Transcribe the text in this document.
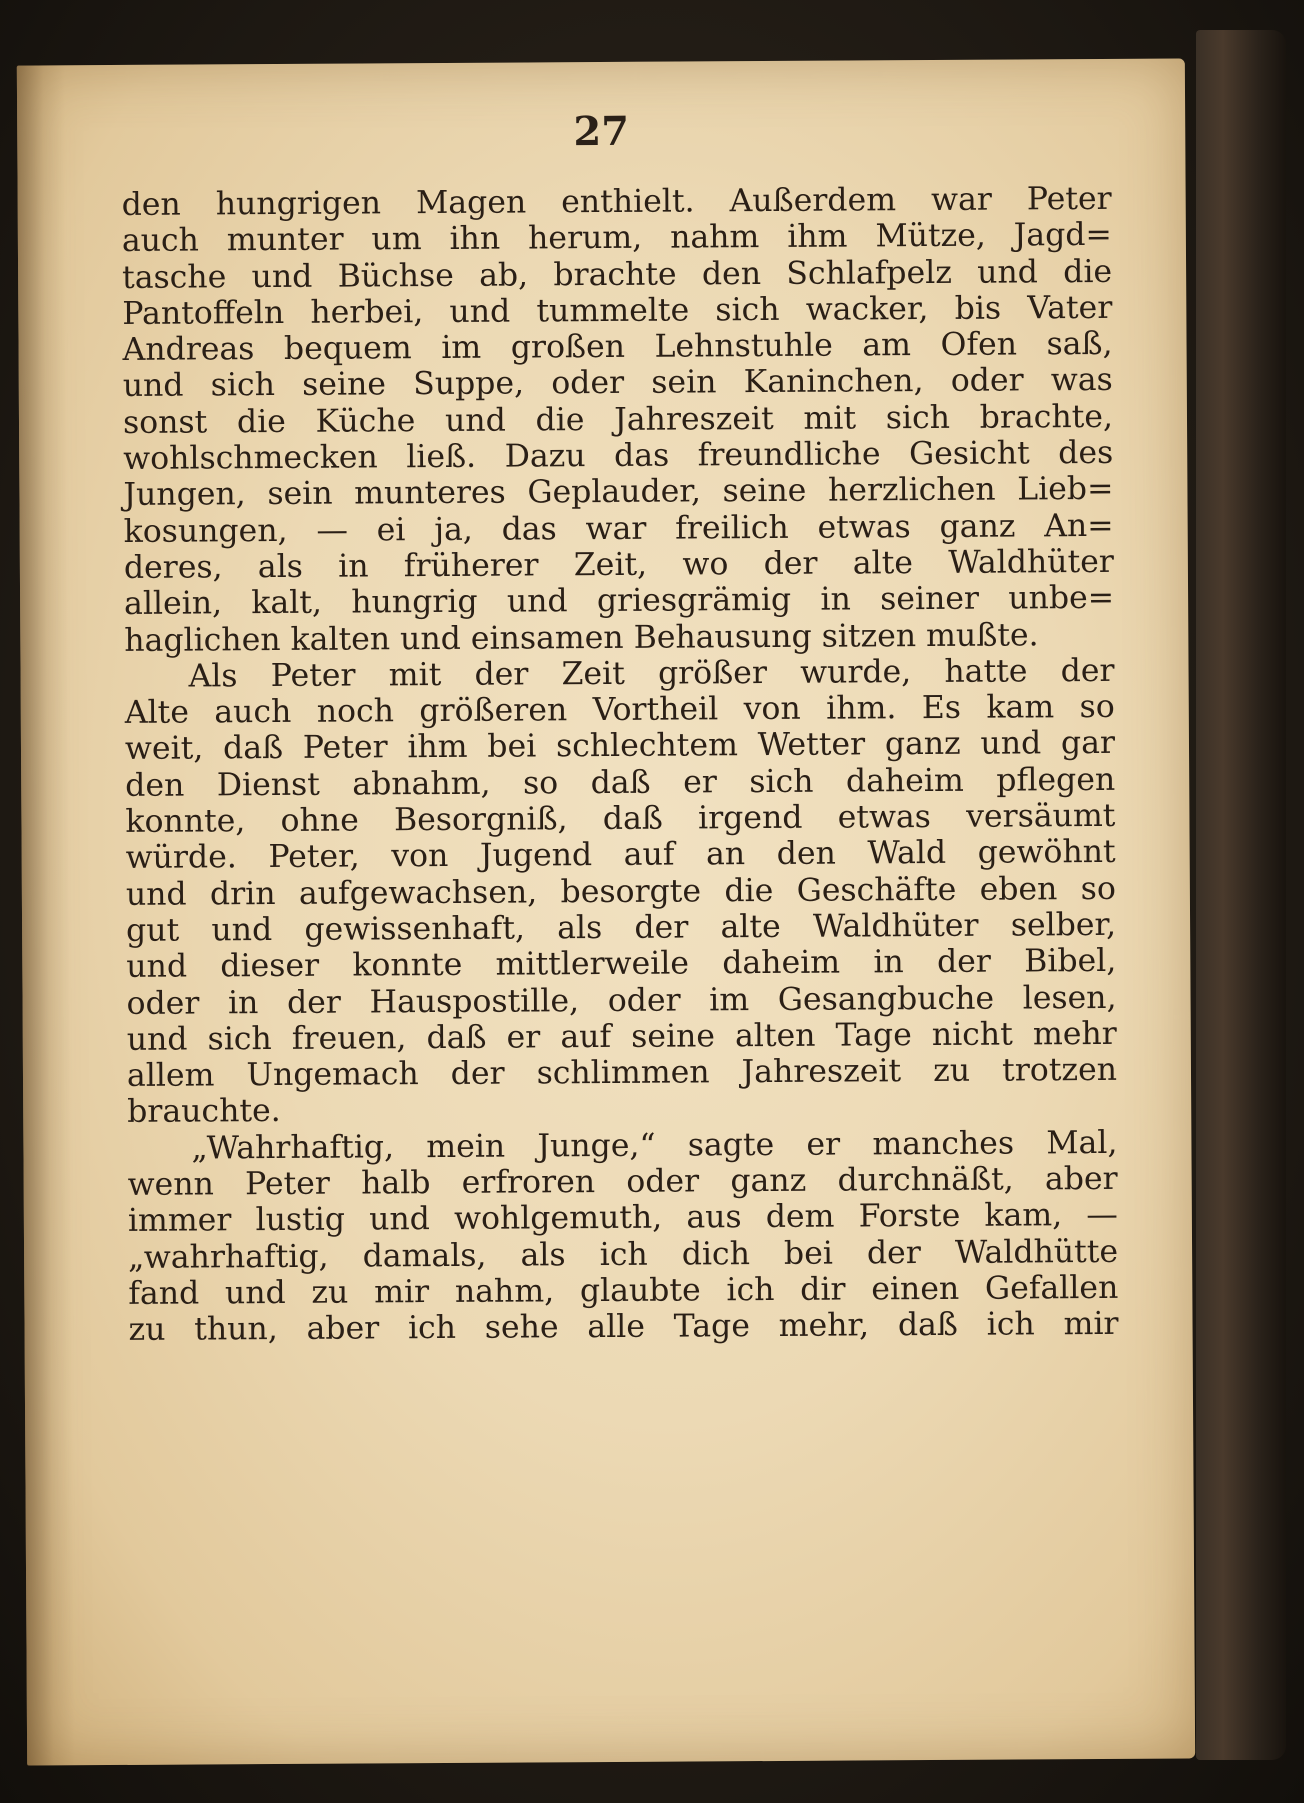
27
den hungrigen Magen enthielt. Außerdem war Peter
auch munter um ihn herum, nahm ihm Mütze, Jagd=
tasche und Büchse ab, brachte den Schlafpelz und die
Pantoffeln herbei, und tummelte sich wacker, bis Vater
Andreas bequem im großen Lehnstuhle am Ofen saß,
und sich seine Suppe, oder sein Kaninchen, oder was
sonst die Küche und die Jahreszeit mit sich brachte,
wohlschmecken ließ. Dazu das freundliche Gesicht des
Jungen, sein munteres Geplauder, seine herzlichen Lieb=
kosungen, — ei ja, das war freilich etwas ganz An=
deres, als in früherer Zeit, wo der alte Waldhüter
allein, kalt, hungrig und griesgrämig in seiner unbe=
haglichen kalten und einsamen Behausung sitzen mußte.
Als Peter mit der Zeit größer wurde, hatte der
Alte auch noch größeren Vortheil von ihm. Es kam so
weit, daß Peter ihm bei schlechtem Wetter ganz und gar
den Dienst abnahm, so daß er sich daheim pflegen
konnte, ohne Besorgniß, daß irgend etwas versäumt
würde. Peter, von Jugend auf an den Wald gewöhnt
und drin aufgewachsen, besorgte die Geschäfte eben so
gut und gewissenhaft, als der alte Waldhüter selber,
und dieser konnte mittlerweile daheim in der Bibel,
oder in der Hauspostille, oder im Gesangbuche lesen,
und sich freuen, daß er auf seine alten Tage nicht mehr
allem Ungemach der schlimmen Jahreszeit zu trotzen
brauchte.
„Wahrhaftig, mein Junge,“ sagte er manches Mal,
wenn Peter halb erfroren oder ganz durchnäßt, aber
immer lustig und wohlgemuth, aus dem Forste kam, —
„wahrhaftig, damals, als ich dich bei der Waldhütte
fand und zu mir nahm, glaubte ich dir einen Gefallen
zu thun, aber ich sehe alle Tage mehr, daß ich mir
